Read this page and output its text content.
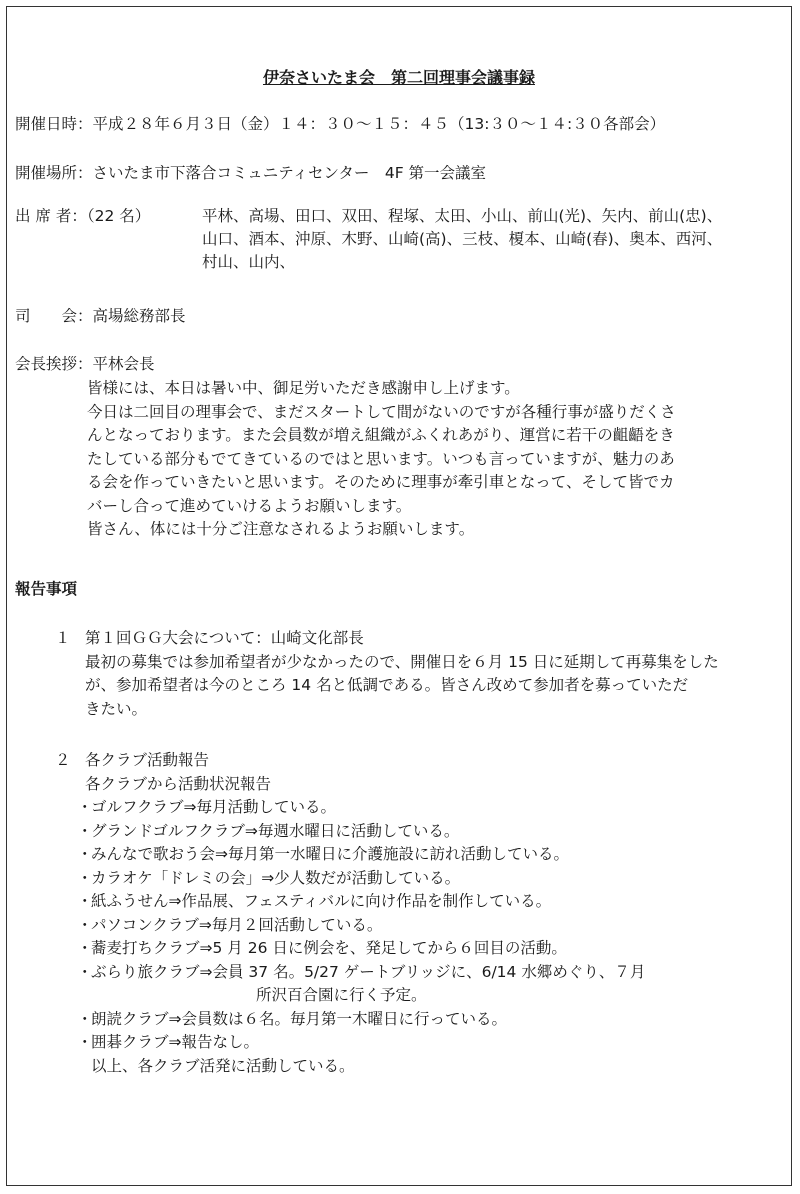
伊奈さいたま会　第二回理事会議事録
開催日時：平成２８年６月３日（金）１４：３０～１５：４５（13:３０～１４:３０各部会）
開催場所：さいたま市下落合コミュニティセンター　4F 第一会議室
出 席 者：（22 名）	平林、高場、田口、双田、程塚、太田、小山、前山(光)、矢内、前山(忠)、
山口、酒本、沖原、木野、山崎(高)、三枝、榎本、山崎(春)、奥本、西河、
村山、山内、
司　　会：高場総務部長
会長挨拶：平林会長

皆様には、本日は暑い中、御足労いただき感謝申し上げます。

今日は二回目の理事会で、まだスタートして間がないのですが各種行事が盛りだくさ

んとなっております。また会員数が増え組織がふくれあがり、運営に若干の齟齬をき

たしている部分もでてきているのではと思います。いつも言っていますが、魅力のあ

る会を作っていきたいと思います。そのために理事が牽引車となって、そして皆でカ

バーし合って進めていけるようお願いします。

皆さん、体には十分ご注意なされるようお願いします。

報告事項
１ 第１回ＧＧ大会について：山崎文化部長
最初の募集では参加希望者が少なかったので、開催日を６月 15 日に延期して再募集をした
が、参加希望者は今のところ 14 名と低調である。皆さん改めて参加者を募っていただ
きたい。
２ 各クラブ活動報告
各クラブから活動状況報告
・
ゴルフクラブ⇒毎月活動している。
・
グランドゴルフクラブ⇒毎週水曜日に活動している。
・
みんなで歌おう会⇒毎月第一水曜日に介護施設に訪れ活動している。
・
カラオケ「ドレミの会」⇒少人数だが活動している。
・
紙ふうせん⇒作品展、フェスティバルに向け作品を制作している。
・
パソコンクラブ⇒毎月２回活動している。
・
蕎麦打ちクラブ⇒5 月 26 日に例会を、発足してから６回目の活動。
・
ぶらり旅クラブ⇒会員 37 名。5/27 ゲートブリッジに、6/14 水郷めぐり、７月
所沢百合園に行く予定。
・
朗読クラブ⇒会員数は６名。毎月第一木曜日に行っている。
・
囲碁クラブ⇒報告なし。
以上、各クラブ活発に活動している。
